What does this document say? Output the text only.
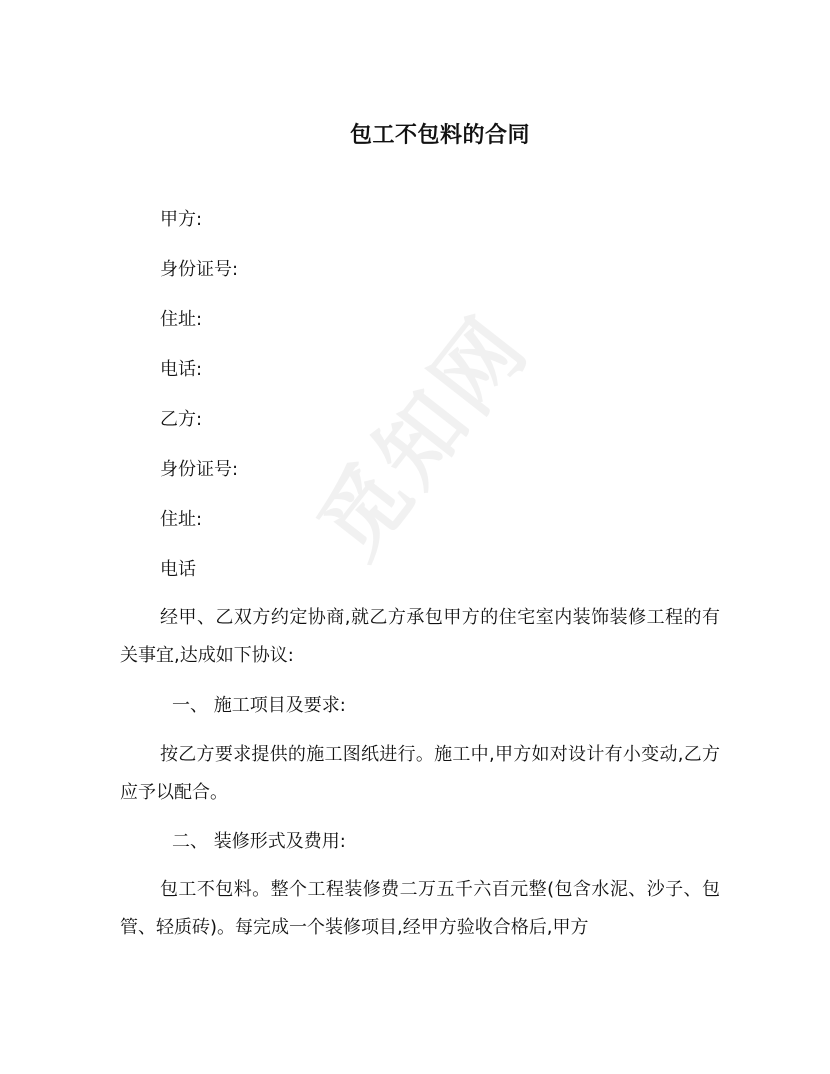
觅知网
包工不包料的合同
甲方:
身份证号:
住址:
电话:
乙方:
身份证号:
住址:
电话
经甲、乙双方约定协商,就乙方承包甲方的住宅室内装饰装修工程的有关事宜,达成如下协议:
一、 施工项目及要求:
按乙方要求提供的施工图纸进行。施工中,甲方如对设计有小变动,乙方应予以配合。
二、 装修形式及费用:
包工不包料。整个工程装修费二万五千六百元整(包含水泥、沙子、包管、轻质砖)。每完成一个装修项目,经甲方验收合格后,甲方
